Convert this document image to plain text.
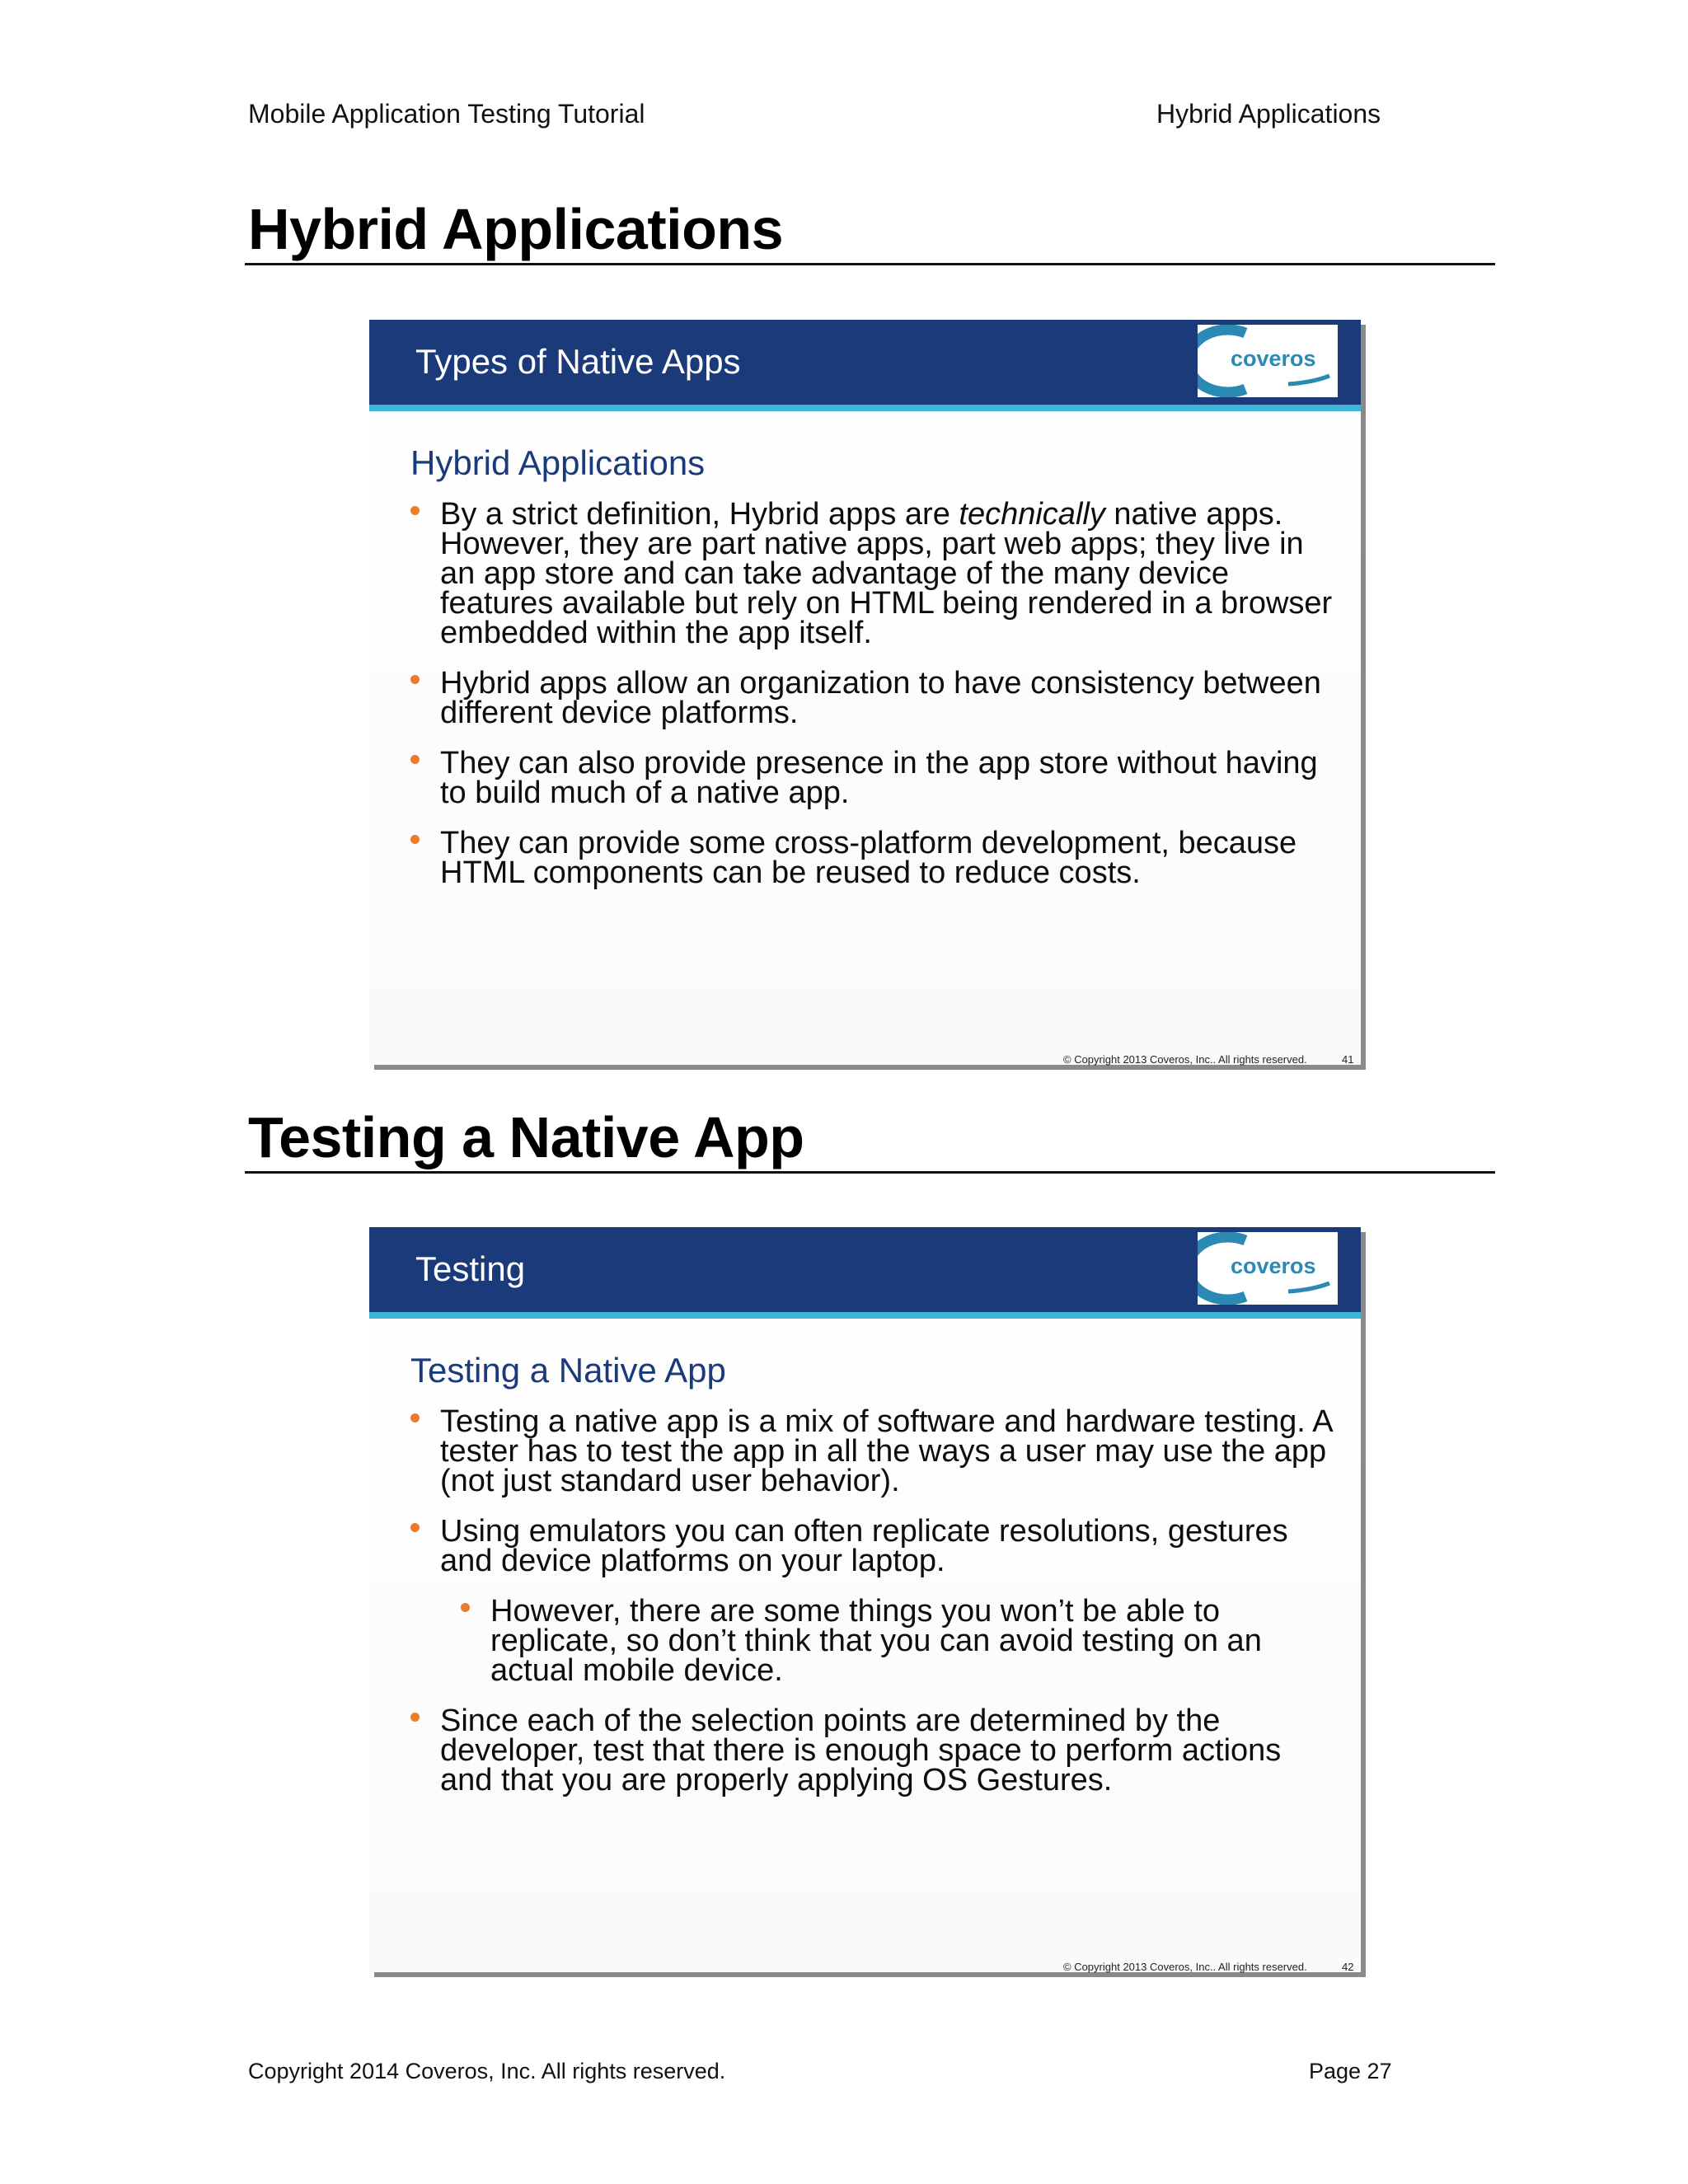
Mobile Application Testing Tutorial	Hybrid Applications
Hybrid Applications
Types of Native Apps	coveros
Hybrid Applications
By a strict definition, Hybrid apps are technically native apps. However, they are part native apps, part web apps; they live in an app store and can take advantage of the many device features available but rely on HTML being rendered in a browser embedded within the app itself.
Hybrid apps allow an organization to have consistency between different device platforms.
They can also provide presence in the app store without having to build much of a native app.
They can provide some cross-platform development, because HTML components can be reused to reduce costs.
© Copyright 2013 Coveros, Inc.. All rights reserved.	41
Testing a Native App
Testing	coveros
Testing a Native App
Testing a native app is a mix of software and hardware testing. A tester has to test the app in all the ways a user may use the app (not just standard user behavior).
Using emulators you can often replicate resolutions, gestures and device platforms on your laptop.
However, there are some things you won’t be able to replicate, so don’t think that you can avoid testing on an actual mobile device.
Since each of the selection points are determined by the developer, test that there is enough space to perform actions and that you are properly applying OS Gestures.
© Copyright 2013 Coveros, Inc.. All rights reserved.	42
Copyright 2014 Coveros, Inc. All rights reserved.	Page 27
